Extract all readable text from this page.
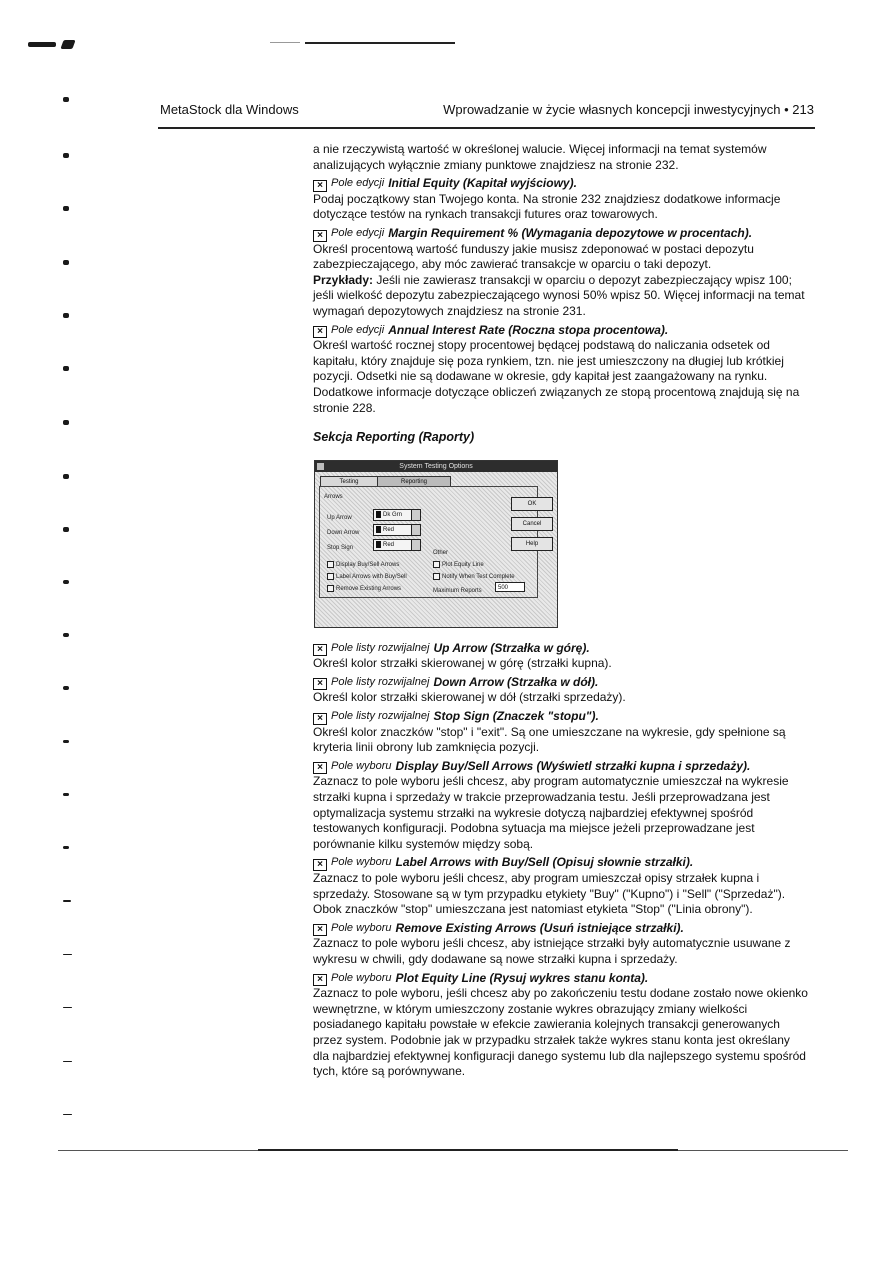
MetaStock dla Windows	Wprowadzanie w życie własnych koncepcji inwestycyjnych • 213

a nie rzeczywistą wartość w określonej walucie. Więcej informacji na temat systemów analizujących wyłącznie zmiany punktowe znajdziesz na stronie 232.

× Pole edycji Initial Equity (Kapitał wyjściowy).

Podaj początkowy stan Twojego konta. Na stronie 232 znajdziesz dodatkowe informacje dotyczące testów na rynkach transakcji futures oraz towarowych.

× Pole edycji Margin Requirement % (Wymagania depozytowe w procentach).

Określ procentową wartość funduszy jakie musisz zdeponować w postaci depozytu zabezpieczającego, aby móc zawierać transakcje w oparciu o taki depozyt.

Przykłady: Jeśli nie zawierasz transakcji w oparciu o depozyt zabezpieczający wpisz 100; jeśli wielkość depozytu zabezpieczającego wynosi 50% wpisz 50. Więcej informacji na temat wymagań depozytowych znajdziesz na stronie 231.

× Pole edycji Annual Interest Rate (Roczna stopa procentowa).

Określ wartość rocznej stopy procentowej będącej podstawą do naliczania odsetek od kapitału, który znajduje się poza rynkiem, tzn. nie jest umieszczony na długiej lub krótkiej pozycji. Odsetki nie są dodawane w okresie, gdy kapitał jest zaangażowany na rynku. Dodatkowe informacje dotyczące obliczeń związanych ze stopą procentową znajdują się na stronie 228.

Sekcja Reporting (Raporty)
System Testing Options
Testing	Reporting
Arrows
Up Arrow	Dk Grn
Down Arrow	Red
Stop Sign	Red
OK
Cancel
Help
Other
Display Buy/Sell Arrows
Label Arrows with Buy/Sell
Remove Existing Arrows
Plot Equity Line
Notify When Test Complete
Maximum Reports	500
× Pole listy rozwijalnej Up Arrow (Strzałka w górę).

Określ kolor strzałki skierowanej w górę (strzałki kupna).

× Pole listy rozwijalnej Down Arrow (Strzałka w dół).

Określ kolor strzałki skierowanej w dół (strzałki sprzedaży).

× Pole listy rozwijalnej Stop Sign (Znaczek "stopu").

Określ kolor znaczków "stop" i "exit". Są one umieszczane na wykresie, gdy spełnione są kryteria linii obrony lub zamknięcia pozycji.

× Pole wyboru Display Buy/Sell Arrows (Wyświetl strzałki kupna i sprzedaży).

Zaznacz to pole wyboru jeśli chcesz, aby program automatycznie umieszczał na wykresie strzałki kupna i sprzedaży w trakcie przeprowadzania testu. Jeśli przeprowadzana jest optymalizacja systemu strzałki na wykresie dotyczą najbardziej efektywnej spośród testowanych konfiguracji. Podobna sytuacja ma miejsce jeżeli przeprowadzane jest porównanie kilku systemów między sobą.

× Pole wyboru Label Arrows with Buy/Sell (Opisuj słownie strzałki).

Zaznacz to pole wyboru jeśli chcesz, aby program umieszczał opisy strzałek kupna i sprzedaży. Stosowane są w tym przypadku etykiety "Buy" ("Kupno") i "Sell" ("Sprzedaż"). Obok znaczków "stop" umieszczana jest natomiast etykieta "Stop" ("Linia obrony").

× Pole wyboru Remove Existing Arrows (Usuń istniejące strzałki).

Zaznacz to pole wyboru jeśli chcesz, aby istniejące strzałki były automatycznie usuwane z wykresu w chwili, gdy dodawane są nowe strzałki kupna i sprzedaży.

× Pole wyboru Plot Equity Line (Rysuj wykres stanu konta).

Zaznacz to pole wyboru, jeśli chcesz aby po zakończeniu testu dodane zostało nowe okienko wewnętrzne, w którym umieszczony zostanie wykres obrazujący zmiany wielkości posiadanego kapitału powstałe w efekcie zawierania kolejnych transakcji generowanych przez system. Podobnie jak w przypadku strzałek także wykres stanu konta jest określany dla najbardziej efektywnej konfiguracji danego systemu lub dla najlepszego systemu spośród tych, które są porównywane.
